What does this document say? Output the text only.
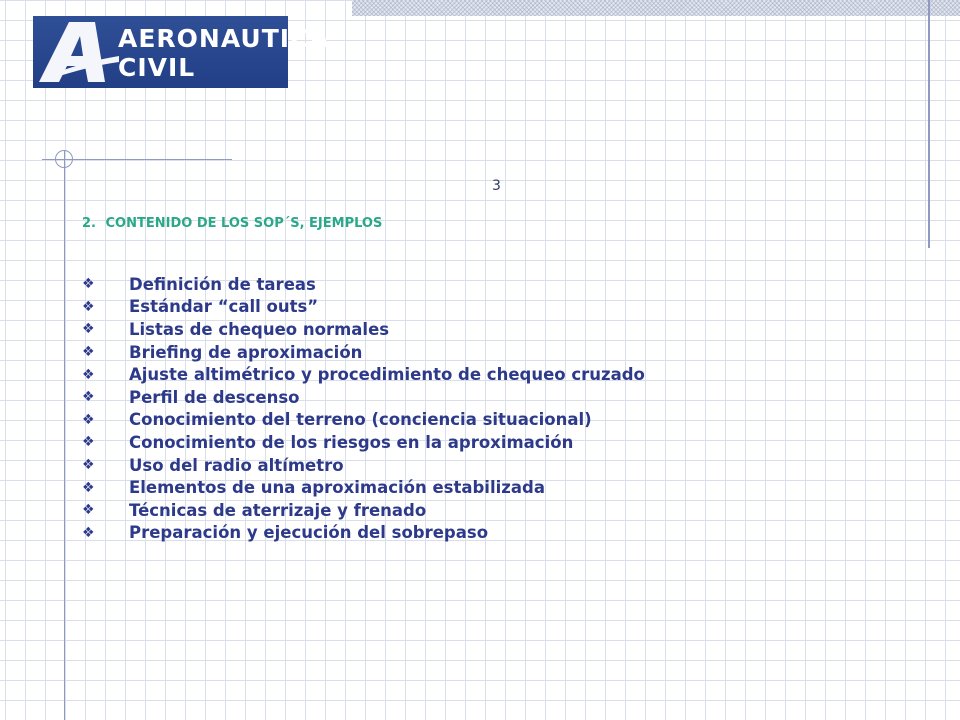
AERONAUTICA
CIVIL
3
2. CONTENIDO DE LOS SOP´S, EJEMPLOS
❖	Definición de tareas
❖	Estándar “call outs”
❖	Listas de chequeo normales
❖	Briefing de aproximación
❖	Ajuste altimétrico y procedimiento de chequeo cruzado
❖	Perfil de descenso
❖	Conocimiento del terreno (conciencia situacional)
❖	Conocimiento de los riesgos en la aproximación
❖	Uso del radio altímetro
❖	Elementos de una aproximación estabilizada
❖	Técnicas de aterrizaje y frenado
❖	Preparación y ejecución del sobrepaso
